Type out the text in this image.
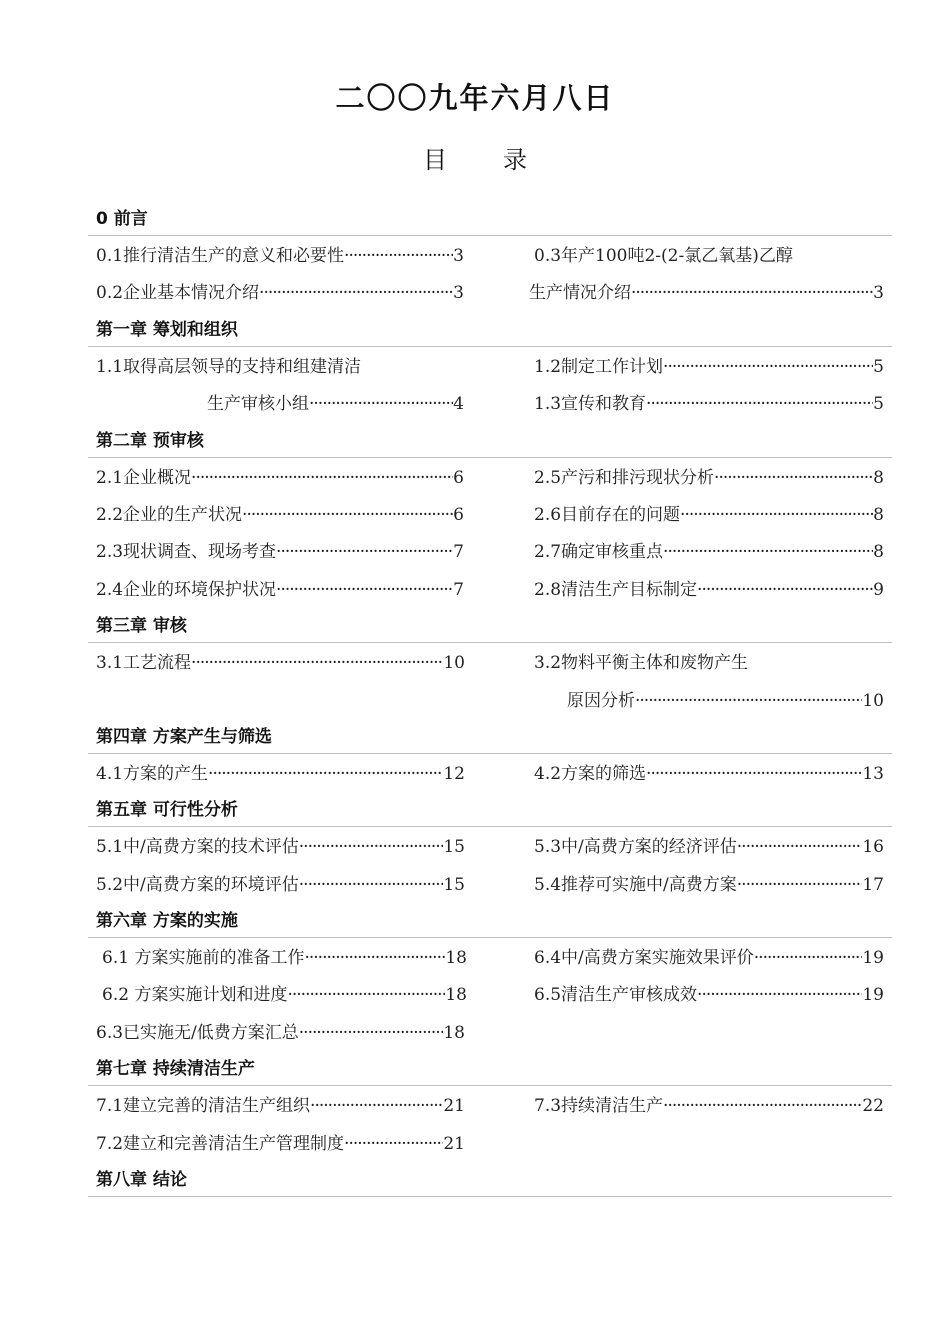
二〇〇九年六月八日
目 录
0 前言
0.1推行清洁生产的意义和必要性 ·····	3	0.3年产100吨2-(2-氯乙氧基)乙醇
0.2企业基本情况介绍 ·····	3	生产情况介绍 ·····	3
第一章 筹划和组织
1.1取得高层领导的支持和组建清洁	1.2制定工作计划 ·····	5
生产审核小组 ·····	4	1.3宣传和教育 ·····	5
第二章 预审核
2.1企业概况 ·····	6	2.5产污和排污现状分析 ·····	8
2.2企业的生产状况 ·····	6	2.6目前存在的问题 ·····	8
2.3现状调查、现场考查 ·····	7	2.7确定审核重点 ·····	8
2.4企业的环境保护状况 ·····	7	2.8清洁生产目标制定 ·····	9
第三章 审核
3.1工艺流程 ·····	10	3.2物料平衡主体和废物产生
原因分析 ·····	10
第四章 方案产生与筛选
4.1方案的产生 ·····	12	4.2方案的筛选 ·····	13
第五章 可行性分析
5.1中/高费方案的技术评估 ·····	15	5.3中/高费方案的经济评估 ·····	16
5.2中/高费方案的环境评估 ·····	15	5.4推荐可实施中/高费方案 ·····	17
第六章 方案的实施
6.1 方案实施前的准备工作 ·····	18	6.4中/高费方案实施效果评价 ·····	19
6.2 方案实施计划和进度 ·····	18	6.5清洁生产审核成效 ·····	19
6.3已实施无/低费方案汇总 ·····	18
第七章 持续清洁生产
7.1建立完善的清洁生产组织 ·····	21	7.3持续清洁生产 ·····	22
7.2建立和完善清洁生产管理制度 ·····	21
第八章 结论
